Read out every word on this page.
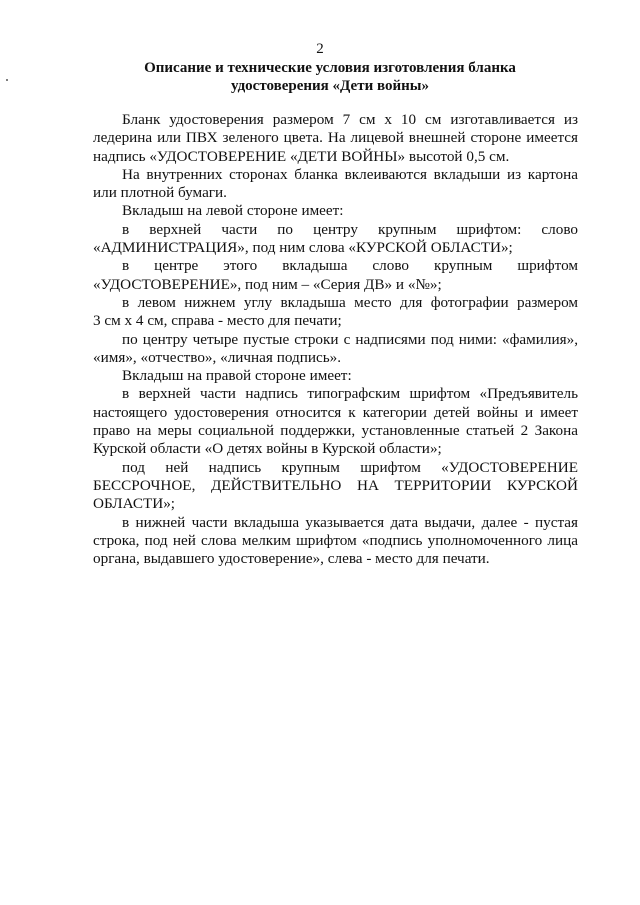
2
Описание и технические условия изготовления бланка
удостоверения «Дети войны»
Бланк удостоверения размером 7 см х 10 см изготавливается из
ледерина или ПВХ зеленого цвета. На лицевой внешней стороне имеется
надпись «УДОСТОВЕРЕНИЕ «ДЕТИ ВОЙНЫ» высотой 0,5 см.
На внутренних сторонах бланка вклеиваются вкладыши из картона
или плотной бумаги.
Вкладыш на левой стороне имеет:
в верхней части по центру крупным шрифтом: слово
«АДМИНИСТРАЦИЯ», под ним слова «КУРСКОЙ ОБЛАСТИ»;
в центре этого вкладыша слово крупным шрифтом
«УДОСТОВЕРЕНИЕ», под ним – «Серия ДВ» и «№»;
в левом нижнем углу вкладыша место для фотографии размером
3 см х 4 см, справа - место для печати;
по центру четыре пустые строки с надписями под ними: «фамилия»,
«имя», «отчество», «личная подпись».
Вкладыш на правой стороне имеет:
в верхней части надпись типографским шрифтом «Предъявитель
настоящего удостоверения относится к категории детей войны и имеет
право на меры социальной поддержки, установленные статьей 2 Закона
Курской области «О детях войны в Курской области»;
под ней надпись крупным шрифтом «УДОСТОВЕРЕНИЕ
БЕССРОЧНОЕ, ДЕЙСТВИТЕЛЬНО НА ТЕРРИТОРИИ КУРСКОЙ
ОБЛАСТИ»;
в нижней части вкладыша указывается дата выдачи, далее - пустая
строка, под ней слова мелким шрифтом «подпись уполномоченного лица
органа, выдавшего удостоверение», слева - место для печати.
